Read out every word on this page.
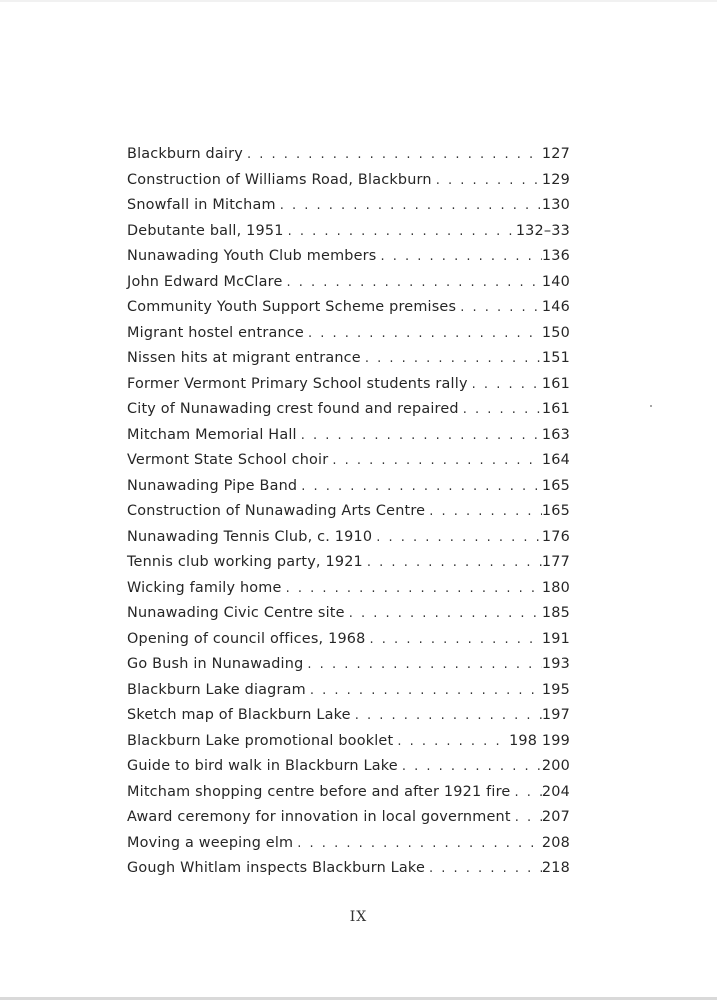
Blackburn dairy . . .	127
Construction of Williams Road, Blackburn . . .	129
Snowfall in Mitcham . . .	130
Debutante ball, 1951 . . .	132–33
Nunawading Youth Club members . . .	136
John Edward McClare . . .	140
Community Youth Support Scheme premises . . .	146
Migrant hostel entrance . . .	150
Nissen hits at migrant entrance . . .	151
Former Vermont Primary School students rally . . .	161
City of Nunawading crest found and repaired . . .	161
Mitcham Memorial Hall . . .	163
Vermont State School choir . . .	164
Nunawading Pipe Band . . .	165
Construction of Nunawading Arts Centre . . .	165
Nunawading Tennis Club, c. 1910 . . .	176
Tennis club working party, 1921 . . .	177
Wicking family home . . .	180
Nunawading Civic Centre site . . .	185
Opening of council offices, 1968 . . .	191
Go Bush in Nunawading . . .	193
Blackburn Lake diagram . . .	195
Sketch map of Blackburn Lake . . .	197
Blackburn Lake promotional booklet . . .	198 199
Guide to bird walk in Blackburn Lake . . .	200
Mitcham shopping centre before and after 1921 fire . . . 204
Award ceremony for innovation in local government . . . 207
Moving a weeping elm . . .	208
Gough Whitlam inspects Blackburn Lake . . .	218
IX
